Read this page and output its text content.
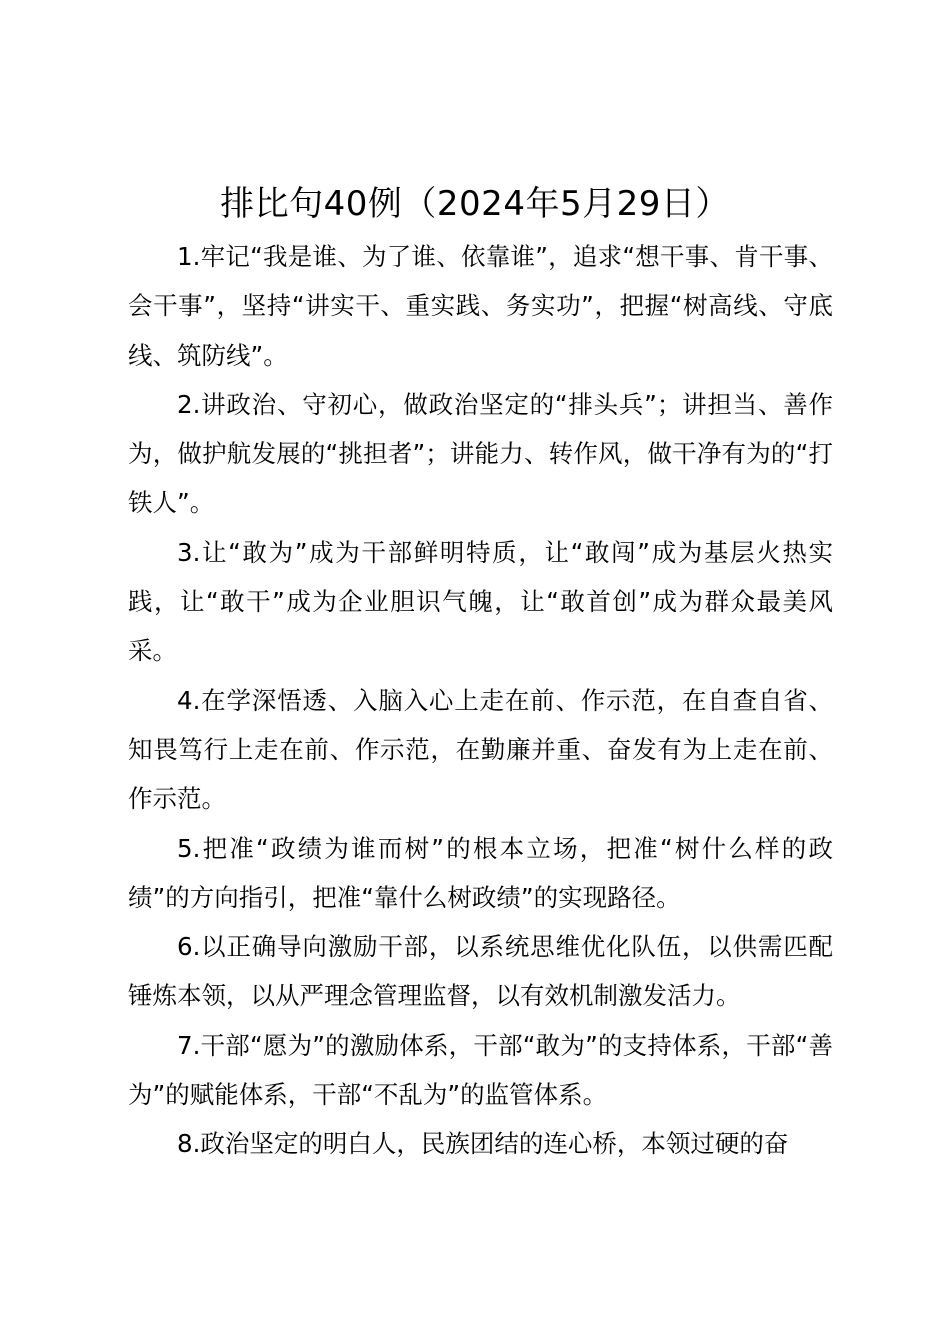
排比句40例（2024年5月29日）

1.牢记“我是谁、为了谁、依靠谁”，追求“想干事、肯干事、会干事”，坚持“讲实干、重实践、务实功”，把握“树高线、守底线、筑防线”。

2.讲政治、守初心，做政治坚定的“排头兵”；讲担当、善作为，做护航发展的“挑担者”；讲能力、转作风，做干净有为的“打铁人”。

3.让“敢为”成为干部鲜明特质，让“敢闯”成为基层火热实践，让“敢干”成为企业胆识气魄，让“敢首创”成为群众最美风采。

4.在学深悟透、入脑入心上走在前、作示范，在自查自省、知畏笃行上走在前、作示范，在勤廉并重、奋发有为上走在前、作示范。

5.把准“政绩为谁而树”的根本立场，把准“树什么样的政绩”的方向指引，把准“靠什么树政绩”的实现路径。

6.以正确导向激励干部，以系统思维优化队伍，以供需匹配锤炼本领，以从严理念管理监督，以有效机制激发活力。

7.干部“愿为”的激励体系，干部“敢为”的支持体系，干部“善为”的赋能体系，干部“不乱为”的监管体系。

8.政治坚定的明白人，民族团结的连心桥，本领过硬的奋
